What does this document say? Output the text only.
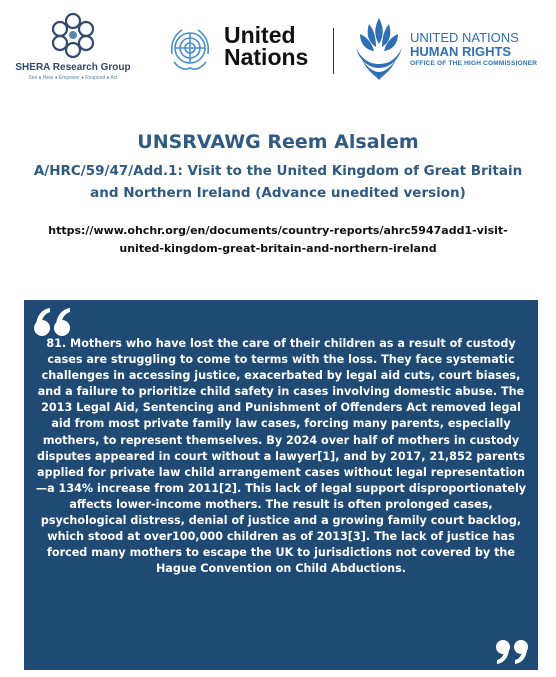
SHERA Research Group
See ♦ Hear ♦ Empower ♦ Respond ♦ Act
United
Nations
UNITED NATIONS
HUMAN RIGHTS
OFFICE OF THE HIGH COMMISSIONER
UNSRVAWG Reem Alsalem
A/HRC/59/47/Add.1: Visit to the United Kingdom of Great Britain and Northern Ireland (Advance unedited version)
https://www.ohchr.org/en/documents/country-reports/ahrc5947add1-visit-united-kingdom-great-britain-and-northern-ireland
81. Mothers who have lost the care of their children as a result of custody cases are struggling to come to terms with the loss. They face systematic challenges in accessing justice, exacerbated by legal aid cuts, court biases, and a failure to prioritize child safety in cases involving domestic abuse. The 2013 Legal Aid, Sentencing and Punishment of Offenders Act removed legal aid from most private family law cases, forcing many parents, especially mothers, to represent themselves. By 2024 over half of mothers in custody disputes appeared in court without a lawyer[1], and by 2017, 21,852 parents applied for private law child arrangement cases without legal representation—a 134% increase from 2011[2]. This lack of legal support disproportionately affects lower-income mothers. The result is often prolonged cases, psychological distress, denial of justice and a growing family court backlog, which stood at over100,000 children as of 2013[3]. The lack of justice has forced many mothers to escape the UK to jurisdictions not covered by the Hague Convention on Child Abductions.
